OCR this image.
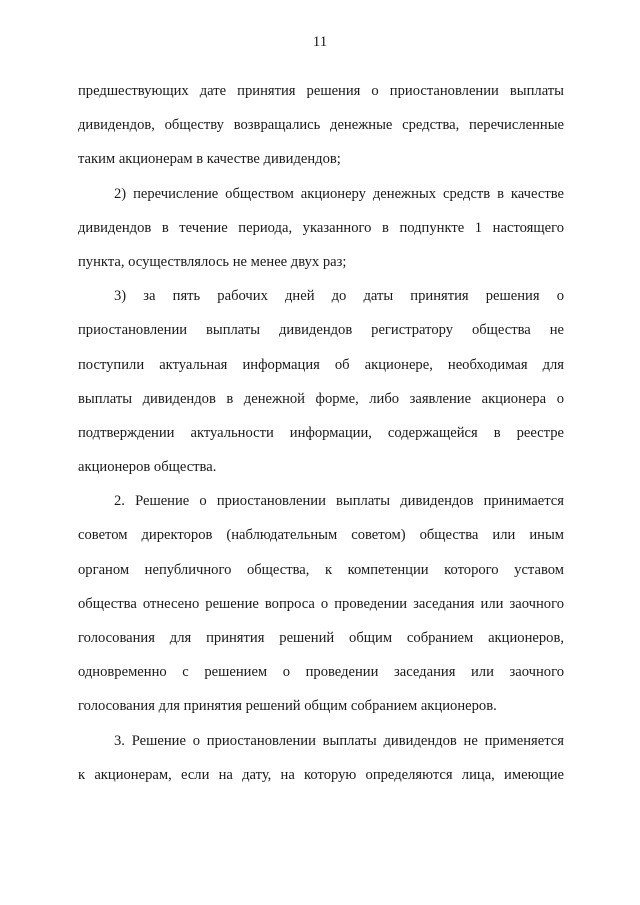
11
предшествующих дате принятия решения о приостановлении выплаты
дивидендов, обществу возвращались денежные средства, перечисленные
таким акционерам в качестве дивидендов;
2) перечисление обществом акционеру денежных средств в качестве
дивидендов в течение периода, указанного в подпункте 1 настоящего
пункта, осуществлялось не менее двух раз;
3) за пять рабочих дней до даты принятия решения о
приостановлении выплаты дивидендов регистратору общества не
поступили актуальная информация об акционере, необходимая для
выплаты дивидендов в денежной форме, либо заявление акционера о
подтверждении актуальности информации, содержащейся в реестре
акционеров общества.
2. Решение о приостановлении выплаты дивидендов принимается
советом директоров (наблюдательным советом) общества или иным
органом непубличного общества, к компетенции которого уставом
общества отнесено решение вопроса о проведении заседания или заочного
голосования для принятия решений общим собранием акционеров,
одновременно с решением о проведении заседания или заочного
голосования для принятия решений общим собранием акционеров.
3. Решение о приостановлении выплаты дивидендов не применяется
к акционерам, если на дату, на которую определяются лица, имеющие
